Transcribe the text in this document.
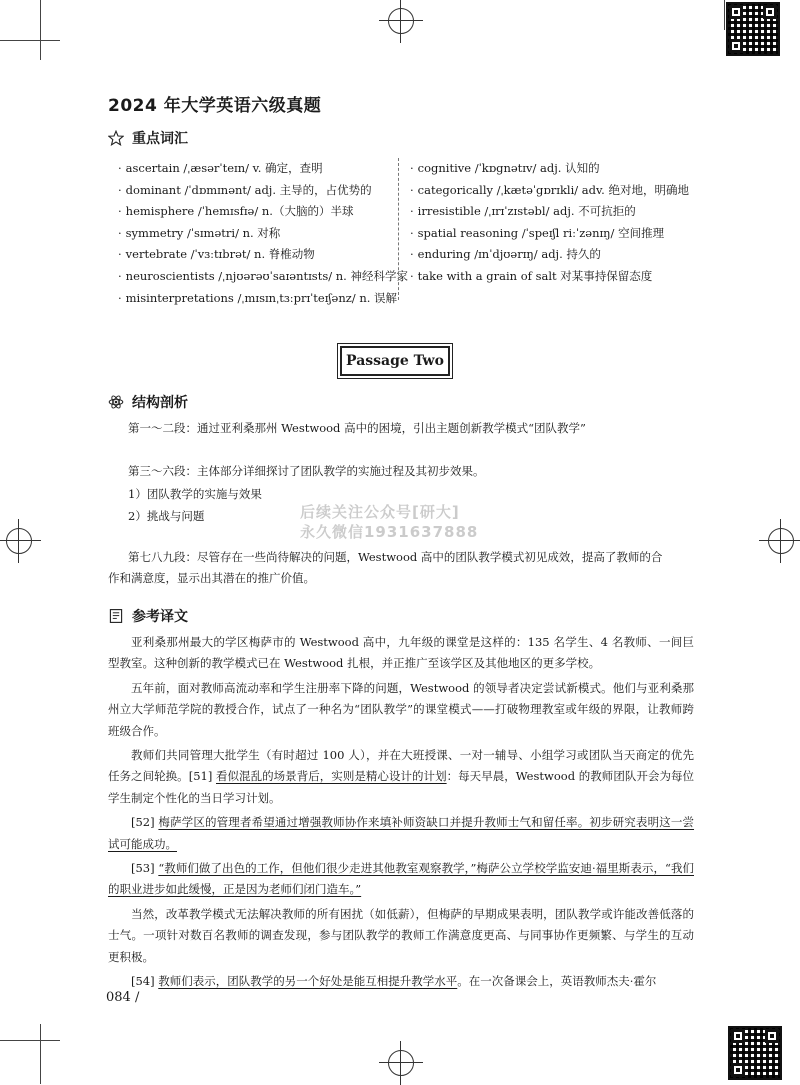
2024 年大学英语六级真题
重点词汇
· ascertain /ˌæsərˈteɪn/ v. 确定，查明
· dominant /ˈdɒmɪnənt/ adj. 主导的，占优势的
· hemisphere /ˈhemɪsfɪə/ n.（大脑的）半球
· symmetry /ˈsɪmətri/ n. 对称
· vertebrate /ˈvɜːtɪbrət/ n. 脊椎动物
· neuroscientists /ˌnjʊərəʊˈsaɪəntɪsts/ n. 神经科学家
· misinterpretations /ˌmɪsɪnˌtɜːprɪˈteɪʃənz/ n. 误解
· cognitive /ˈkɒgnətɪv/ adj. 认知的
· categorically /ˌkætəˈgɒrɪkli/ adv. 绝对地，明确地
· irresistible /ˌɪrɪˈzɪstəbl/ adj. 不可抗拒的
· spatial reasoning /ˈspeɪʃl riːˈzənɪŋ/ 空间推理
· enduring /ɪnˈdjʊərɪŋ/ adj. 持久的
· take with a grain of salt 对某事持保留态度
Passage Two
结构剖析
第一～二段：通过亚利桑那州 Westwood 高中的困境，引出主题创新教学模式“团队教学”
第三～六段：主体部分详细探讨了团队教学的实施过程及其初步效果。
1）团队教学的实施与效果
2）挑战与问题
第七八九段：尽管存在一些尚待解决的问题，Westwood 高中的团队教学模式初见成效，提高了教师的合
作和满意度，显示出其潜在的推广价值。
后续关注公众号[研大]
永久微信1931637888
参考译文

亚利桑那州最大的学区梅萨市的 Westwood 高中，九年级的课堂是这样的：135 名学生、4 名教师、一间巨型教室。这种创新的教学模式已在 Westwood 扎根，并正推广至该学区及其他地区的更多学校。

五年前，面对教师高流动率和学生注册率下降的问题，Westwood 的领导者决定尝试新模式。他们与亚利桑那州立大学师范学院的教授合作，试点了一种名为“团队教学”的课堂模式——打破物理教室或年级的界限，让教师跨班级合作。

教师们共同管理大批学生（有时超过 100 人），并在大班授课、一对一辅导、小组学习或团队当天商定的优先任务之间轮换。[51] 看似混乱的场景背后，实则是精心设计的计划：每天早晨，Westwood 的教师团队开会为每位学生制定个性化的当日学习计划。

[52] 梅萨学区的管理者希望通过增强教师协作来填补师资缺口并提升教师士气和留任率。初步研究表明这一尝试可能成功。

[53] “教师们做了出色的工作，但他们很少走进其他教室观察教学，”梅萨公立学校学监安迪·福里斯表示，“我们的职业进步如此缓慢，正是因为老师们闭门造车。”

当然，改革教学模式无法解决教师的所有困扰（如低薪），但梅萨的早期成果表明，团队教学或许能改善低落的士气。一项针对数百名教师的调查发现，参与团队教学的教师工作满意度更高、与同事协作更频繁、与学生的互动更积极。

[54] 教师们表示，团队教学的另一个好处是能互相提升教学水平。在一次备课会上，英语教师杰夫·霍尔

084 /
